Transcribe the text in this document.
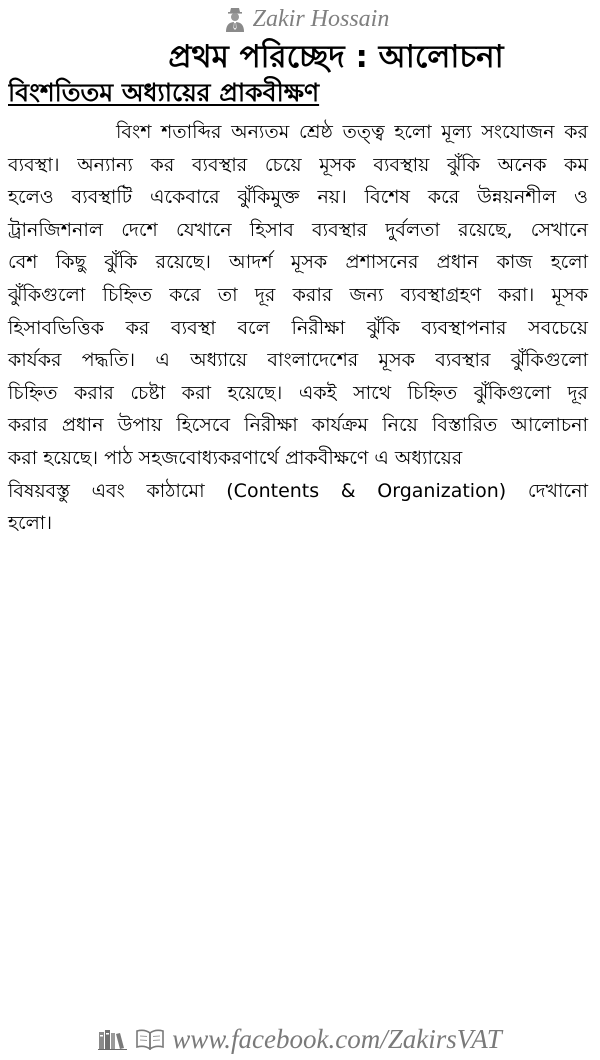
Zakir Hossain
প্রথম পরিচ্ছেদ : আলোচনা
বিংশতিতম অধ্যায়ের প্রাকবীক্ষণ
বিংশ শতাব্দির অন্যতম শ্রেষ্ঠ তত্ত্ব হলো মূল্য সংযোজন কর
ব্যবস্থা। অন্যান্য কর ব্যবস্থার চেয়ে মূসক ব্যবস্থায় ঝুঁকি অনেক কম
হলেও ব্যবস্থাটি একেবারে ঝুঁকিমুক্ত নয়। বিশেষ করে উন্নয়নশীল ও
ট্রানজিশনাল দেশে যেখানে হিসাব ব্যবস্থার দুর্বলতা রয়েছে, সেখানে
বেশ কিছু ঝুঁকি রয়েছে। আদর্শ মূসক প্রশাসনের প্রধান কাজ হলো
ঝুঁকিগুলো চিহ্নিত করে তা দূর করার জন্য ব্যবস্থাগ্রহণ করা। মূসক
হিসাবভিত্তিক কর ব্যবস্থা বলে নিরীক্ষা ঝুঁকি ব্যবস্থাপনার সবচেয়ে
কার্যকর পদ্ধতি। এ অধ্যায়ে বাংলাদেশের মূসক ব্যবস্থার ঝুঁকিগুলো
চিহ্নিত করার চেষ্টা করা হয়েছে। একই সাথে চিহ্নিত ঝুঁকিগুলো দূর
করার প্রধান উপায় হিসেবে নিরীক্ষা কার্যক্রম নিয়ে বিস্তারিত আলোচনা
করা হয়েছে। পাঠ সহজবোধ্যকরণার্থে প্রাকবীক্ষণে এ অধ্যায়ের
বিষয়বস্তু এবং কাঠামো (Contents & Organization) দেখানো
হলো।
www.facebook.com/ZakirsVAT
